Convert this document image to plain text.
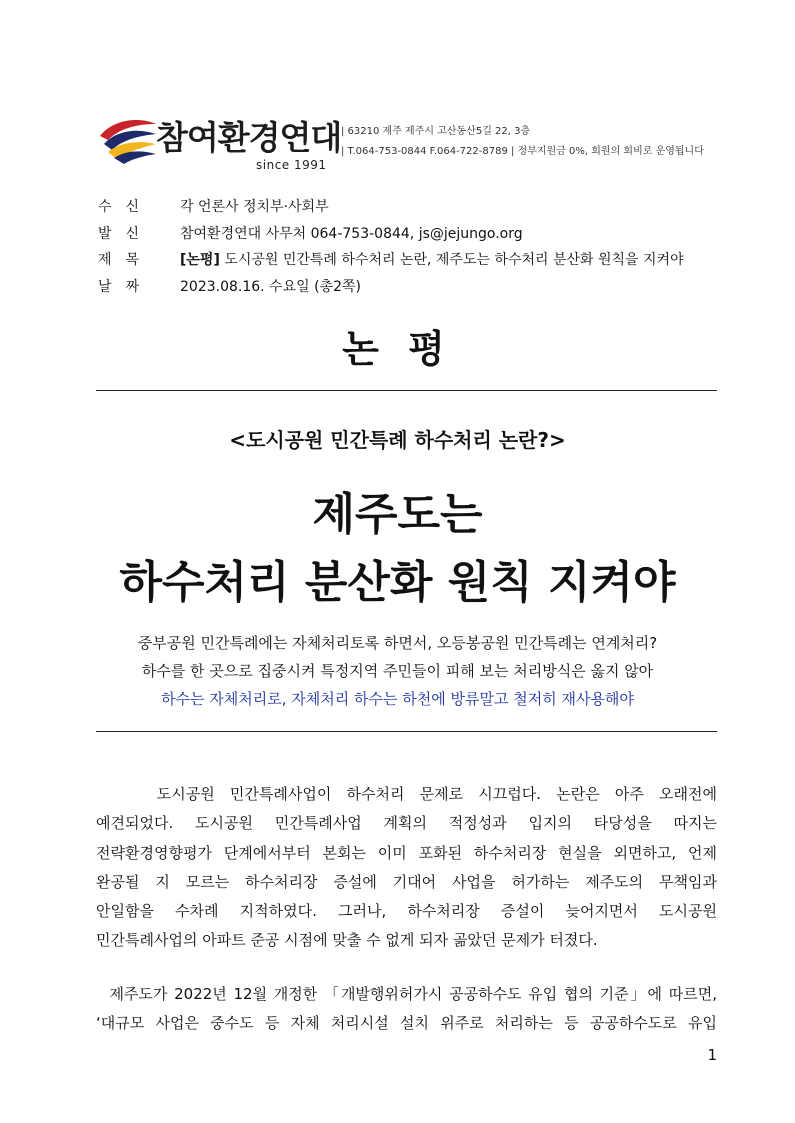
참여환경연대
since 1991
| 63210 제주 제주시 고산동산5길 22, 3층
| T.064-753-0844 F.064-722-8789 | 정부지원금 0%, 회원의 회비로 운영됩니다
수신	각 언론사 정치부·사회부
발신	참여환경연대 사무처 064-753-0844, js@jejungo.org
제목	[논평] 도시공원 민간특례 하수처리 논란, 제주도는 하수처리 분산화 원칙을 지켜야
날짜	2023.08.16. 수요일 (총2쪽)
논 평
<도시공원 민간특례 하수처리 논란?>
제주도는
하수처리 분산화 원칙 지켜야
중부공원 민간특례에는 자체처리토록 하면서, 오등봉공원 민간특례는 연계처리?
하수를 한 곳으로 집중시켜 특정지역 주민들이 피해 보는 처리방식은 옳지 않아
하수는 자체처리로, 자체처리 하수는 하천에 방류말고 철저히 재사용해야
도시공원 민간특례사업이 하수처리 문제로 시끄럽다. 논란은 아주 오래전에
예견되었다. 도시공원 민간특례사업 계획의 적정성과 입지의 타당성을 따지는
전략환경영향평가 단계에서부터 본회는 이미 포화된 하수처리장 현실을 외면하고, 언제
완공될 지 모르는 하수처리장 증설에 기대어 사업을 허가하는 제주도의 무책임과
안일함을 수차례 지적하였다. 그러나, 하수처리장 증설이 늦어지면서 도시공원
민간특례사업의 아파트 준공 시점에 맞출 수 없게 되자 곪았던 문제가 터졌다.
제주도가 2022년 12월 개정한 「개발행위허가시 공공하수도 유입 협의 기준」에 따르면,
‘대규모 사업은 중수도 등 자체 처리시설 설치 위주로 처리하는 등 공공하수도로 유입
1
